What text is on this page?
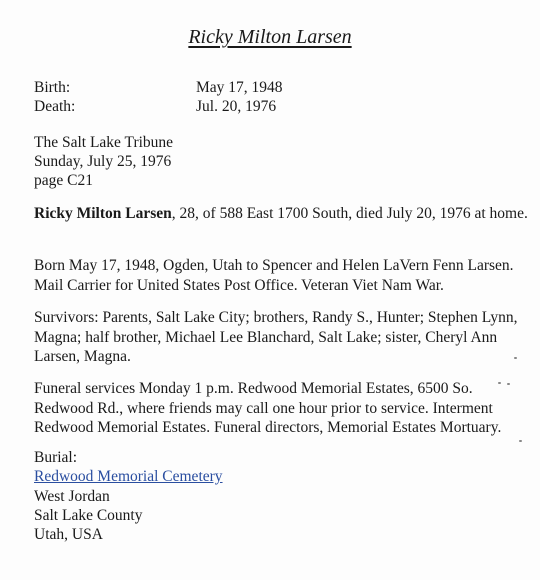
Ricky Milton Larsen
Birth:	May 17, 1948
Death:	Jul. 20, 1976
The Salt Lake Tribune
Sunday, July 25, 1976
page C21
Ricky Milton Larsen, 28, of 588 East 1700 South, died July 20, 1976 at home.
Born May 17, 1948, Ogden, Utah to Spencer and Helen LaVern Fenn Larsen. Mail Carrier for United States Post Office. Veteran Viet Nam War.
Survivors: Parents, Salt Lake City; brothers, Randy S., Hunter; Stephen Lynn, Magna; half brother, Michael Lee Blanchard, Salt Lake; sister, Cheryl Ann Larsen, Magna.
Funeral services Monday 1 p.m. Redwood Memorial Estates, 6500 So. Redwood Rd., where friends may call one hour prior to service. Interment Redwood Memorial Estates. Funeral directors, Memorial Estates Mortuary.
Burial:
Redwood Memorial Cemetery
West Jordan
Salt Lake County
Utah, USA
